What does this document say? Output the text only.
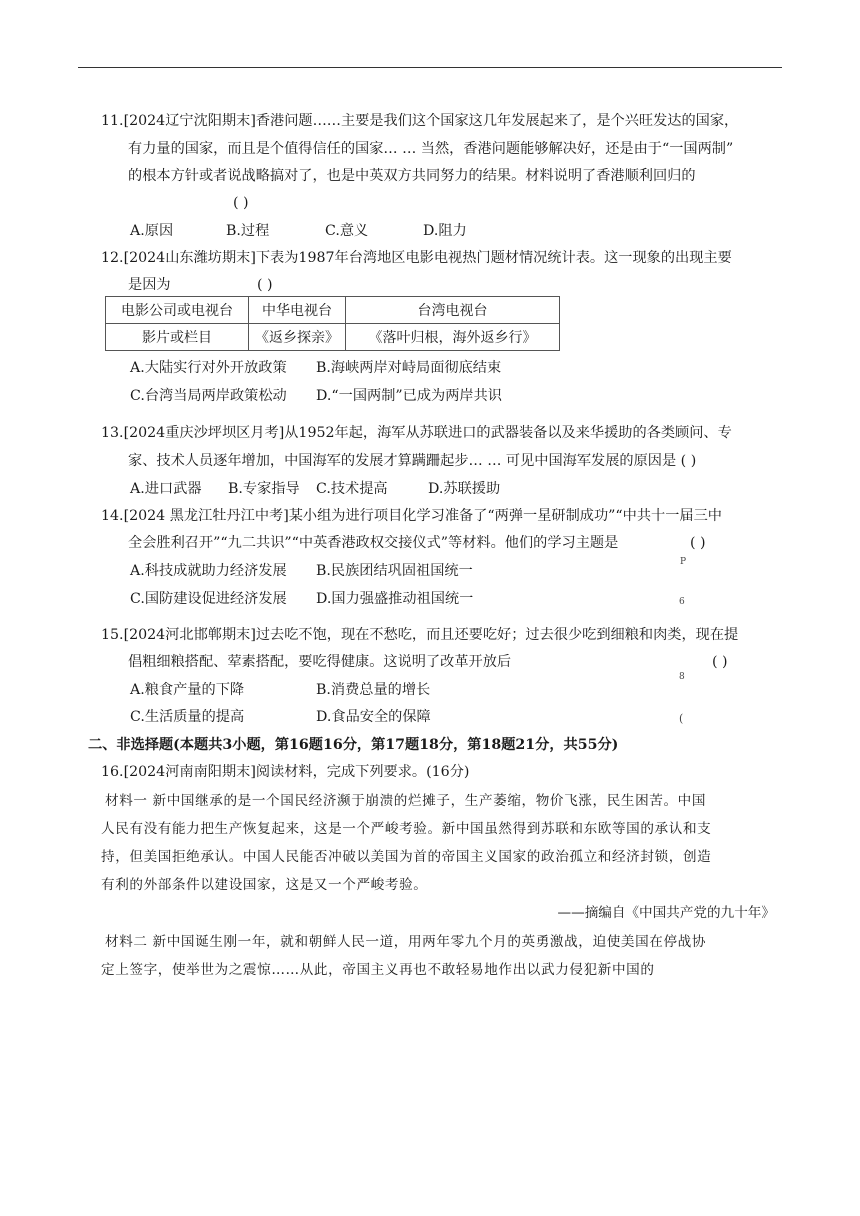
11.[2024辽宁沈阳期末]香港问题……主要是我们这个国家这几年发展起来了，是个兴旺发达的国家，
有力量的国家，而且是个值得信任的国家… … 当然，香港问题能够解决好，还是由于“一国两制”
的根本方针或者说战略搞对了，也是中英双方共同努力的结果。材料说明了香港顺利回归的
( )
A.原因	B.过程	C.意义	D.阻力
12.[2024山东潍坊期末]下表为1987年台湾地区电影电视热门题材情况统计表。这一现象的出现主要
是因为	( )
电影公司或电视台	中华电视台	台湾电视台
影片或栏目	《返乡探亲》	《落叶归根，海外返乡行》
A.大陆实行对外开放政策 B.海峡两岸对峙局面彻底结束
C.台湾当局两岸政策松动 D.“一国两制”已成为两岸共识
13.[2024重庆沙坪坝区月考]从1952年起，海军从苏联进口的武器装备以及来华援助的各类顾问、专
家、技术人员逐年增加，中国海军的发展才算蹒跚起步… … 可见中国海军发展的原因是 ( )
A.进口武器 B.专家指导 C.技术提高	D.苏联援助
14.[2024 黑龙江牡丹江中考]某小组为进行项目化学习准备了“两弹一星研制成功”“中共十一届三中
全会胜利召开”“九二共识”“中英香港政权交接仪式”等材料。他们的学习主题是	( )
A.科技成就助力经济发展 B.民族团结巩固祖国统一
C.国防建设促进经济发展 D.国力强盛推动祖国统一
P
6
8
(
15.[2024河北邯郸期末]过去吃不饱，现在不愁吃，而且还要吃好；过去很少吃到细粮和肉类，现在提
倡粗细粮搭配、荤素搭配，要吃得健康。这说明了改革开放后	( )
A.粮食产量的下降	B.消费总量的增长
C.生活质量的提高	D.食品安全的保障
二、非选择题(本题共3小题，第16题16分，第17题18分，第18题21分，共55分)
16.[2024河南南阳期末]阅读材料，完成下列要求。(16分)
材料一 新中国继承的是一个国民经济濒于崩溃的烂摊子，生产萎缩，物价飞涨，民生困苦。中国
人民有没有能力把生产恢复起来，这是一个严峻考验。新中国虽然得到苏联和东欧等国的承认和支
持，但美国拒绝承认。中国人民能否冲破以美国为首的帝国主义国家的政治孤立和经济封锁，创造
有利的外部条件以建设国家，这是又一个严峻考验。
——摘编自《中国共产党的九十年》
材料二 新中国诞生刚一年，就和朝鲜人民一道，用两年零九个月的英勇激战，迫使美国在停战协
定上签字，使举世为之震惊……从此，帝国主义再也不敢轻易地作出以武力侵犯新中国的
